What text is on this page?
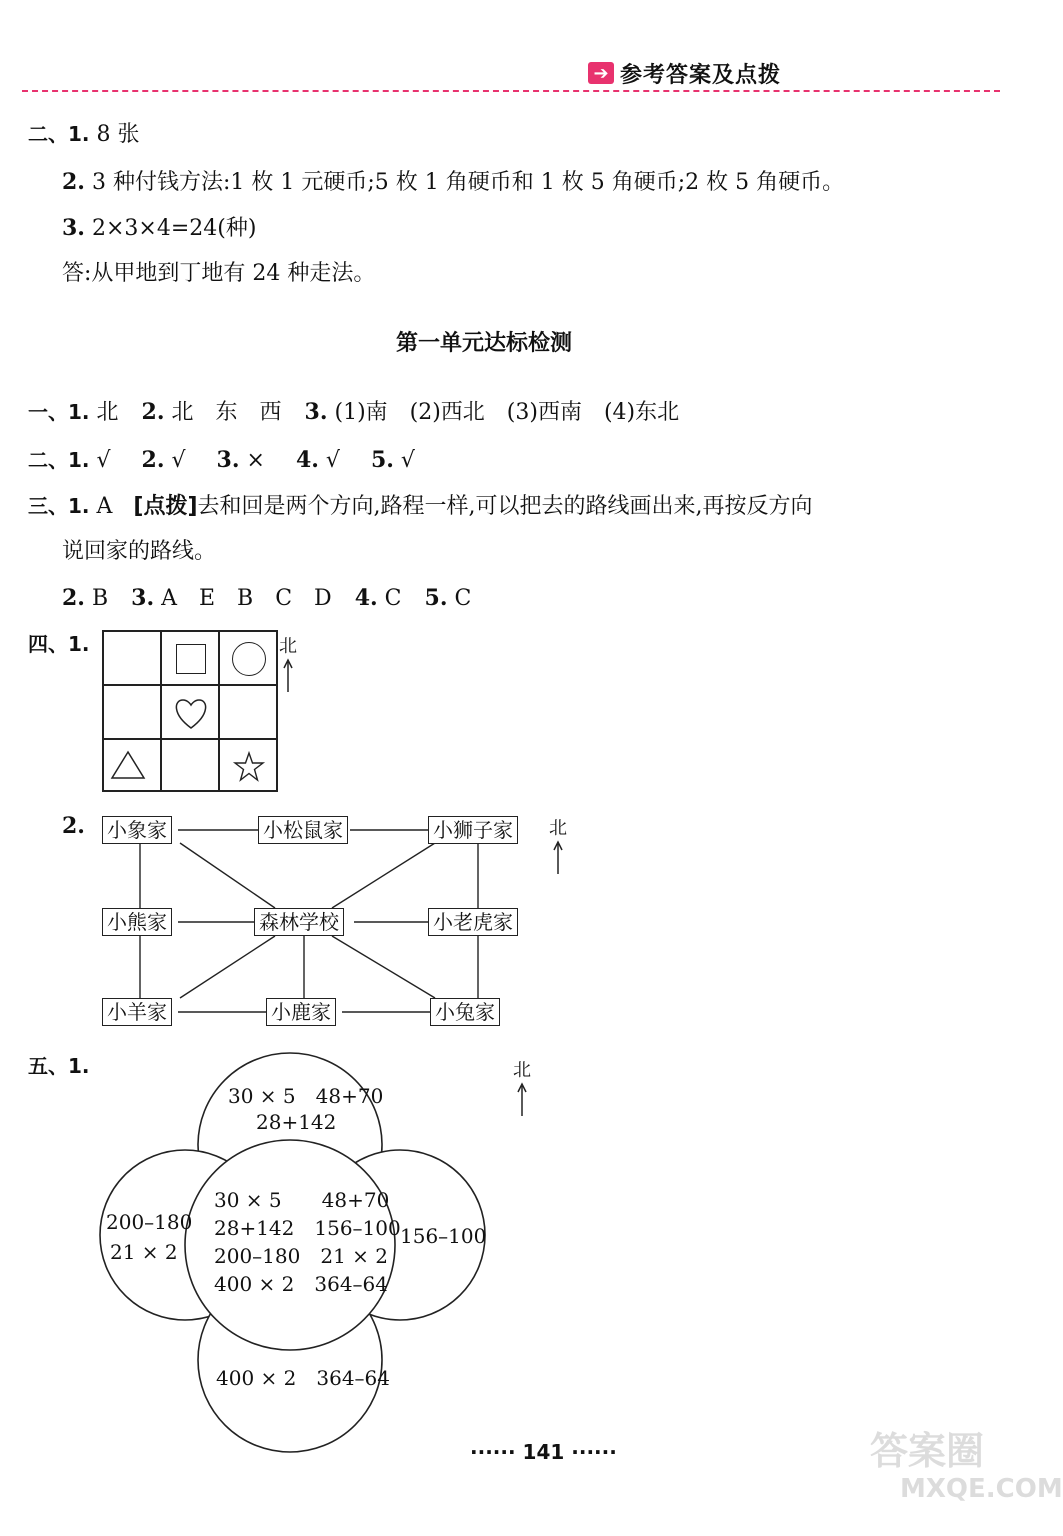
➔ 参考答案及点拨
二、1. 8 张
2. 3 种付钱方法:1 枚 1 元硬币;5 枚 1 角硬币和 1 枚 5 角硬币;2 枚 5 角硬币。
3. 2×3×4=24(种)
答:从甲地到丁地有 24 种走法。
第一单元达标检测
一、1. 北 2. 北　东　西 3. (1)南　(2)西北　(3)西南　(4)东北
二、1. √ 2. √ 3. × 4. √ 5. √
三、1. A [点拨]去和回是两个方向,路程一样,可以把去的路线画出来,再按反方向
说回家的路线。
2. B 3. A　E　B　C　D 4. C 5. C
四、1.	北
2. 小象家	小松鼠家	小狮子家
小熊家	森林学校	小老虎家
小羊家	小鹿家	小兔家
北
五、1.
30 × 5　48+70
28+142
200–180
21 × 2
156–100
30 × 5　　48+70
28+142　156–100
200–180　21 × 2
400 × 2　364–64
400 × 2　364–64
北
······ 141 ······	答案圈
MXQE.COM
